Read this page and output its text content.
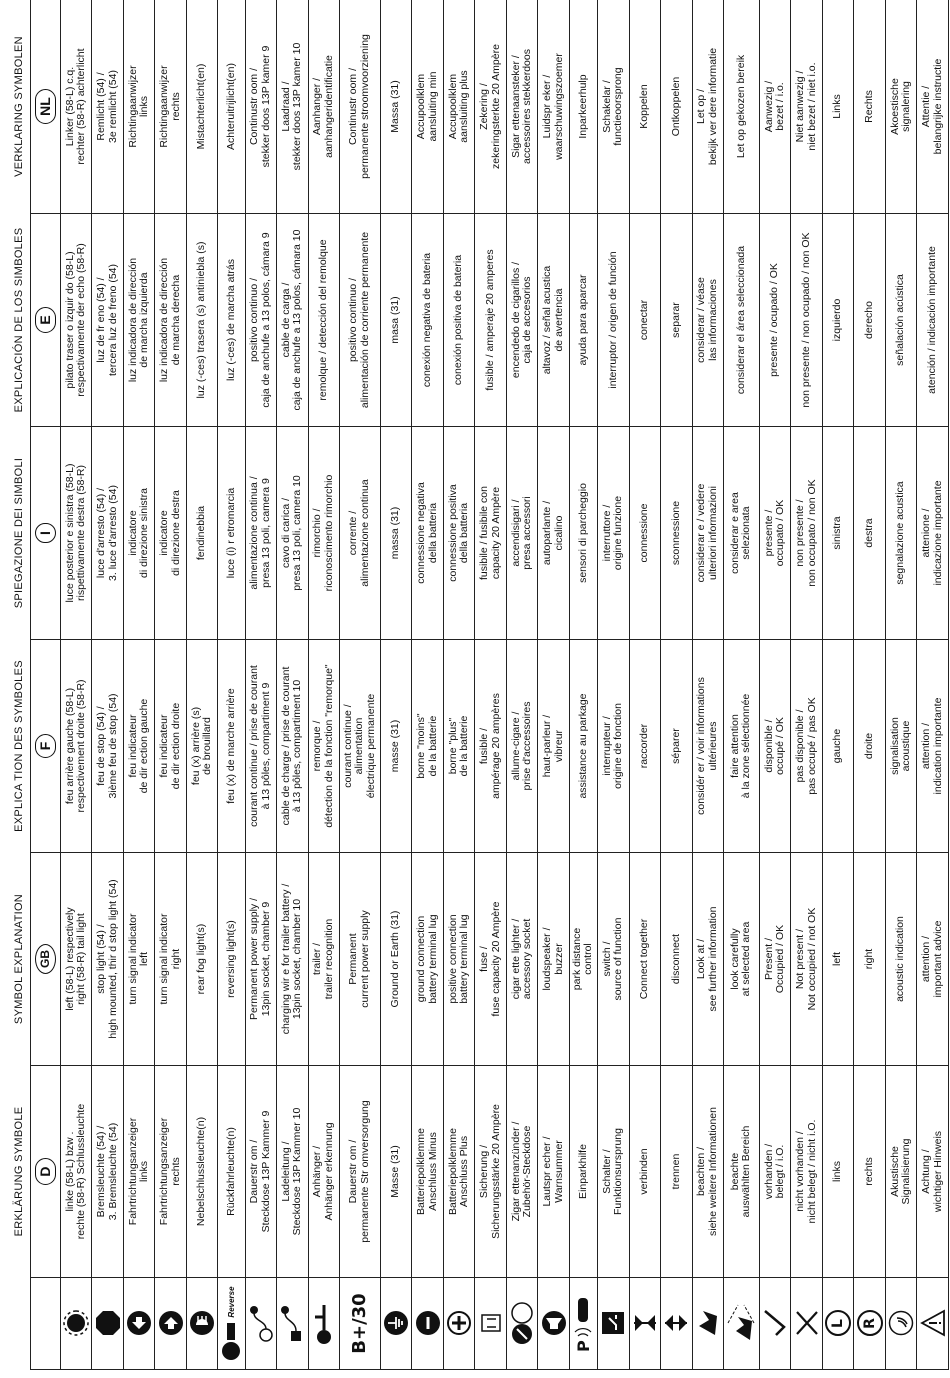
	ERKLÄRUNG SYMBOLE	SYMBOL EXPLANATION	EXPLICA TION DES SYMBOLES	SPIEGAZIONE DEI SIMBOLI	EXPLICACIÓN DE LOS SIMBOLES	VERKLARING SYMBOLEN
	D	GB	F	I	E	NL

	linke (58-L) bzw .
rechte (58-R) Schlussleuchte	left (58-L) respectively
right (58-R) tail light	feu arrière gauche (58-L)
respectivement droite (58-R)	luce posterior e sinistra (58-L)
rispettivamente destra (58-R)	pilato traser o izquir do (58-L)
respectivamente der echo (58-R)	Linker (58-L) c.q.
rechter (58-R) achterlicht

	Bremsleuchte (54) /
3. Bremsleuchte (54)	stop light (54) /
high mounted, thir d stop light (54)	feu de stop (54) /
3ième feu de stop (54)	luce d'arresto (54) /
3. luce d'arresto (54)	luz de fr eno (54) /
tercera luz de freno (54)	Remlicht (54) /
3e remlicht (54)

	Fahrtrichtungsanzeiger
links	turn signal indicator
left	feu indicateur
de dir ection gauche	indicatore
di direzione sinistra	luz indicadora de dirección
de marcha izquierda	Richtingaanwijzer
links

	Fahrtrichtungsanzeiger
rechts	turn signal indicator
right	feu indicateur
de dir ection droite	indicatore
di direzione destra	luz indicadora de dirección
de marcha derecha	Richtingaanwijzer
rechts

	Nebelschlussleuchte(n)	rear fog light(s)	feu (x) arrière (s)
de brouillard	fendinebbia	luz (-ces) trasera (s) antiniebla (s)	Mistachterlicht(en)

Reverse	Rückfahrleuchte(n)	reversing light(s)	feu (x) de marche arrière	luce (i) r etromarcia	luz (-ces) de marcha atrás	Achteruitrijlicht(en)

	Dauerstr om /
Steckdose 13P Kammer 9	Permanent power supply /
13pin socket, chamber 9	courant continue / prise de courant
à 13 pôles, compartiment 9	alimentazione continua /
presa 13 poli, camera 9	positivo continuo /
caja de anchufe a 13 polos, cámara 9	Continustr oom /
stekker doos 13P kamer 9

	Ladeleitung /
Steckdose 13P Kammer 10	charging wir e for trailer battery /
13pin socket, chamber 10	cable de charge / prise de courant
à 13 pôles, compartiment 10	cavo di carica /
presa 13 poli, camera 10	cable de carga /
caja de anchufe a 13 polos, cámara 10	Laadraad /
stekker doos 13P kamer 10

	Anhänger /
Anhänger erkennung	trailer /
trailer recognition	remorque /
détection de la fonction "remorque"	rimorchio /
riconoscimento rimorchio	remolque / detección del remolque	Aanhanger /
aanhangeridentificatie

B+/30	Dauerstr om /
permanente Str omversorgung	Permanent
current power supply	courant continue /
alimentation
électrique permanente	corrente /
alimentazione continua	positivo continuo /
alimentación de corriente permanente	Continustr oom /
permanente stroomvoorziening

	Masse (31)	Ground or Earth (31)	masse (31)	massa (31)	masa (31)	Massa (31)

	Batteriepolklemme
Anschluss Minus	ground connection
battery terminal lug	borne "moins"
de la batterie	connessione negativa
della batteria	conexión negativa de bateria	Accupoolklem
aansluiting min

	Batteriepolklemme
Anschluss Plus	positive connection
battery terminal lug	borne "plus"
de la batterie	connessione positiva
della batteria	conexión positiva de bateria	Accupoolklem
aansluiting plus

	Sicherung /
Sicherungsstärke 20 Ampère	fuse /
fuse capacity 20 Ampère	fusible /
ampérage 20 ampères	fusibile / fusibile con
capacity 20 Ampère	fusible / amperaje 20 amperes	Zekering /
zekeringsterkte 20 Ampère

	Zigar ettenanzünder /
Zubehör-Steckdose	cigar ette lighter /
accessory socket	allume-cigare /
prise d'accessoires	accendisigari /
presa accessori	encendedo de cigarillos /
caja de accesorios	Sigar ettenaansteker /
accessoires stekkerdoos

	Lautspr echer /
Warnsummer	loudspeaker /
buzzer	haut-parleur /
vibreur	autoparlante /
cicalino	altavoz / señal acustica
de avertencia	Luidspr eker /
waarschuwingszoemer

P	Einparkhilfe	park distance
control	assistance au parkage	sensori di parcheggio	ayuda para aparcar	Inparkeerhulp

	Schalter /
Funktionsursprung	switch /
source of function	interrupteur /
origine de fonction	interruttore /
origine funzione	interruptor / origen de función	Schakelar /
functieoorsprong

	verbinden	Connect together	raccorder	connessione	conectar	Koppelen

	trennen	disconnect	séparer	sconnessione	separar	Ontkoppelen

	beachten /
siehe weitere Informationen	Look at /
see further information	considér er / voir informations
ultérieures	considerar e / vedere
ulteriori informazioni	considerar / véase
las informaciones	Let op /
bekijk ver dere informatie

	beachte
auswählten Bereich	look carefully
at selected area	faire attention
à la zone sélectionnée	considerar e area
selezionata	considerar el área seleccionada	Let op gekozen bereik

	vorhanden /
belegt / i.O.	Present /
Occupied / OK	disponible /
occupé / OK	presente /
occupato / OK	presente / ocupado / OK	Aanwezig /
bezet / i.o.

	nicht vorhanden /
nicht belegt / nicht i.O.	Not present /
Not occupied / not OK	pas disponible /
pas occupé / pas OK	non presente /
non occupato / non OK	non presente / non ocupado / non OK	Niet aanwezig /
niet bezet / niet i.o.

L	links	left	gauche	sinistra	izquierdo	Links

R	rechts	right	droite	destra	derecho	Rechts

	Akustische
Signalisierung	acoustic indication	signalisation
acoustique	segnalazione acustica	señalación acústica	Akoestische
signalering

	Achtung /
wichtiger Hinweis	attention /
important advice	attention /
indication importante	attenione /
indicazione importante	atención / indicación importante	Attentie /
belangrijke instructie
